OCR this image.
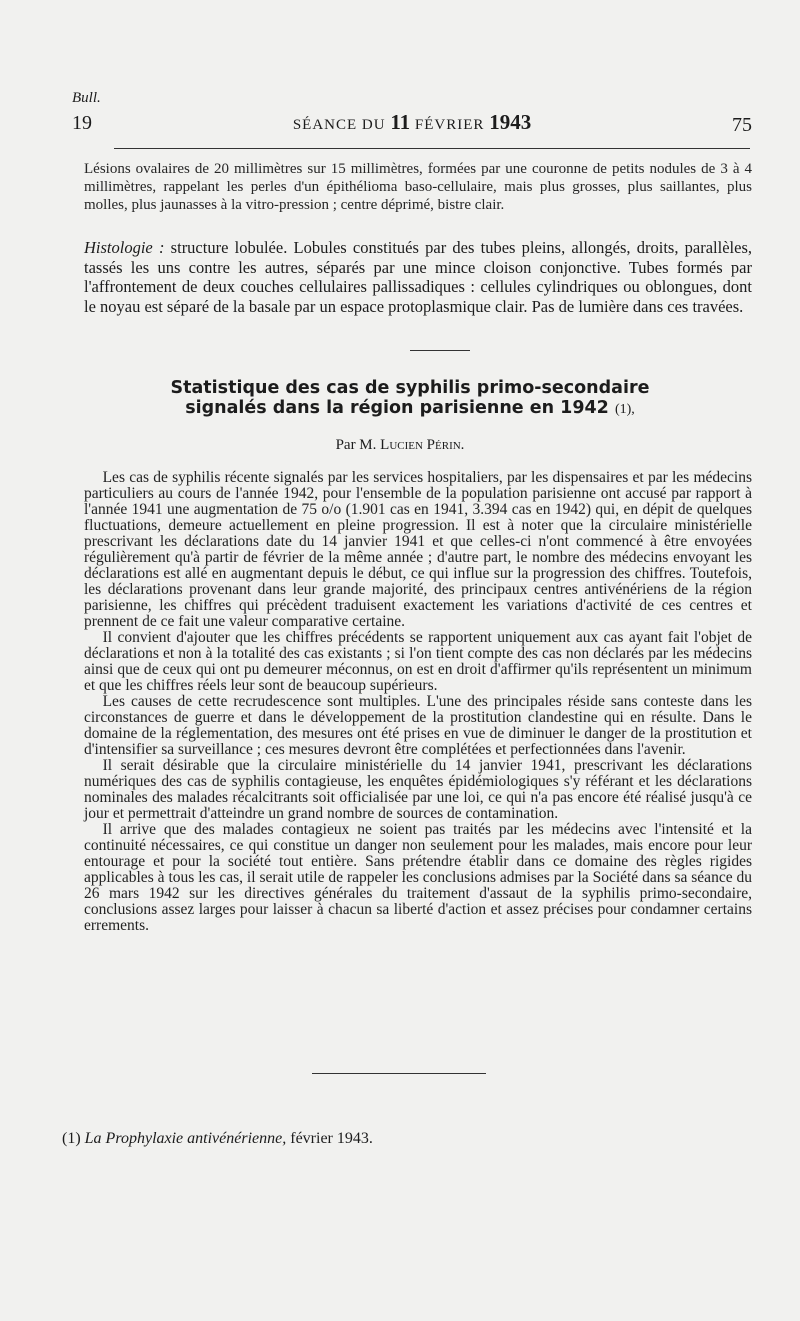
Bull.
19	SÉANCE DU 11 FÉVRIER 1943	75
Lésions ovalaires de 20 millimètres sur 15 millimètres, formées par une couronne de petits nodules de 3 à 4 millimètres, rappelant les perles d'un épithélioma baso-cellulaire, mais plus grosses, plus saillantes, plus molles, plus jaunasses à la vitro-pression ; centre déprimé, bistre clair.
Histologie : structure lobulée. Lobules constitués par des tubes pleins, allongés, droits, parallèles, tassés les uns contre les autres, séparés par une mince cloison conjonctive. Tubes formés par l'affrontement de deux couches cellulaires pallissadiques : cellules cylindriques ou oblongues, dont le noyau est séparé de la basale par un espace protoplasmique clair. Pas de lumière dans ces travées.
Statistique des cas de syphilis primo-secondaire
signalés dans la région parisienne en 1942 (1),
Par M. Lucien Périn.

Les cas de syphilis récente signalés par les services hospitaliers, par les dispensaires et par les médecins particuliers au cours de l'année 1942, pour l'ensemble de la population parisienne ont accusé par rapport à l'année 1941 une augmentation de 75 o/o (1.901 cas en 1941, 3.394 cas en 1942) qui, en dépit de quelques fluctuations, demeure actuellement en pleine progression. Il est à noter que la circulaire ministérielle prescrivant les déclarations date du 14 janvier 1941 et que celles-ci n'ont commencé à être envoyées régulièrement qu'à partir de février de la même année ; d'autre part, le nombre des médecins envoyant les déclarations est allé en augmentant depuis le début, ce qui influe sur la progression des chiffres. Toutefois, les déclarations provenant dans leur grande majorité, des principaux centres antivénériens de la région parisienne, les chiffres qui précèdent traduisent exactement les variations d'activité de ces centres et prennent de ce fait une valeur comparative certaine.

Il convient d'ajouter que les chiffres précédents se rapportent uniquement aux cas ayant fait l'objet de déclarations et non à la totalité des cas existants ; si l'on tient compte des cas non déclarés par les médecins ainsi que de ceux qui ont pu demeurer méconnus, on est en droit d'affirmer qu'ils représentent un minimum et que les chiffres réels leur sont de beaucoup supérieurs.

Les causes de cette recrudescence sont multiples. L'une des principales réside sans conteste dans les circonstances de guerre et dans le développement de la prostitution clandestine qui en résulte. Dans le domaine de la réglementation, des mesures ont été prises en vue de diminuer le danger de la prostitution et d'intensifier sa surveillance ; ces mesures devront être complétées et perfectionnées dans l'avenir.

Il serait désirable que la circulaire ministérielle du 14 janvier 1941, prescrivant les déclarations numériques des cas de syphilis contagieuse, les enquêtes épidémiologiques s'y référant et les déclarations nominales des malades récalcitrants soit officialisée par une loi, ce qui n'a pas encore été réalisé jusqu'à ce jour et permettrait d'atteindre un grand nombre de sources de contamination.

Il arrive que des malades contagieux ne soient pas traités par les médecins avec l'intensité et la continuité nécessaires, ce qui constitue un danger non seulement pour les malades, mais encore pour leur entourage et pour la société tout entière. Sans prétendre établir dans ce domaine des règles rigides applicables à tous les cas, il serait utile de rappeler les conclusions admises par la Société dans sa séance du 26 mars 1942 sur les directives générales du traitement d'assaut de la syphilis primo-secondaire, conclusions assez larges pour laisser à chacun sa liberté d'action et assez précises pour condamner certains errements.

(1) La Prophylaxie antivénérienne, février 1943.
